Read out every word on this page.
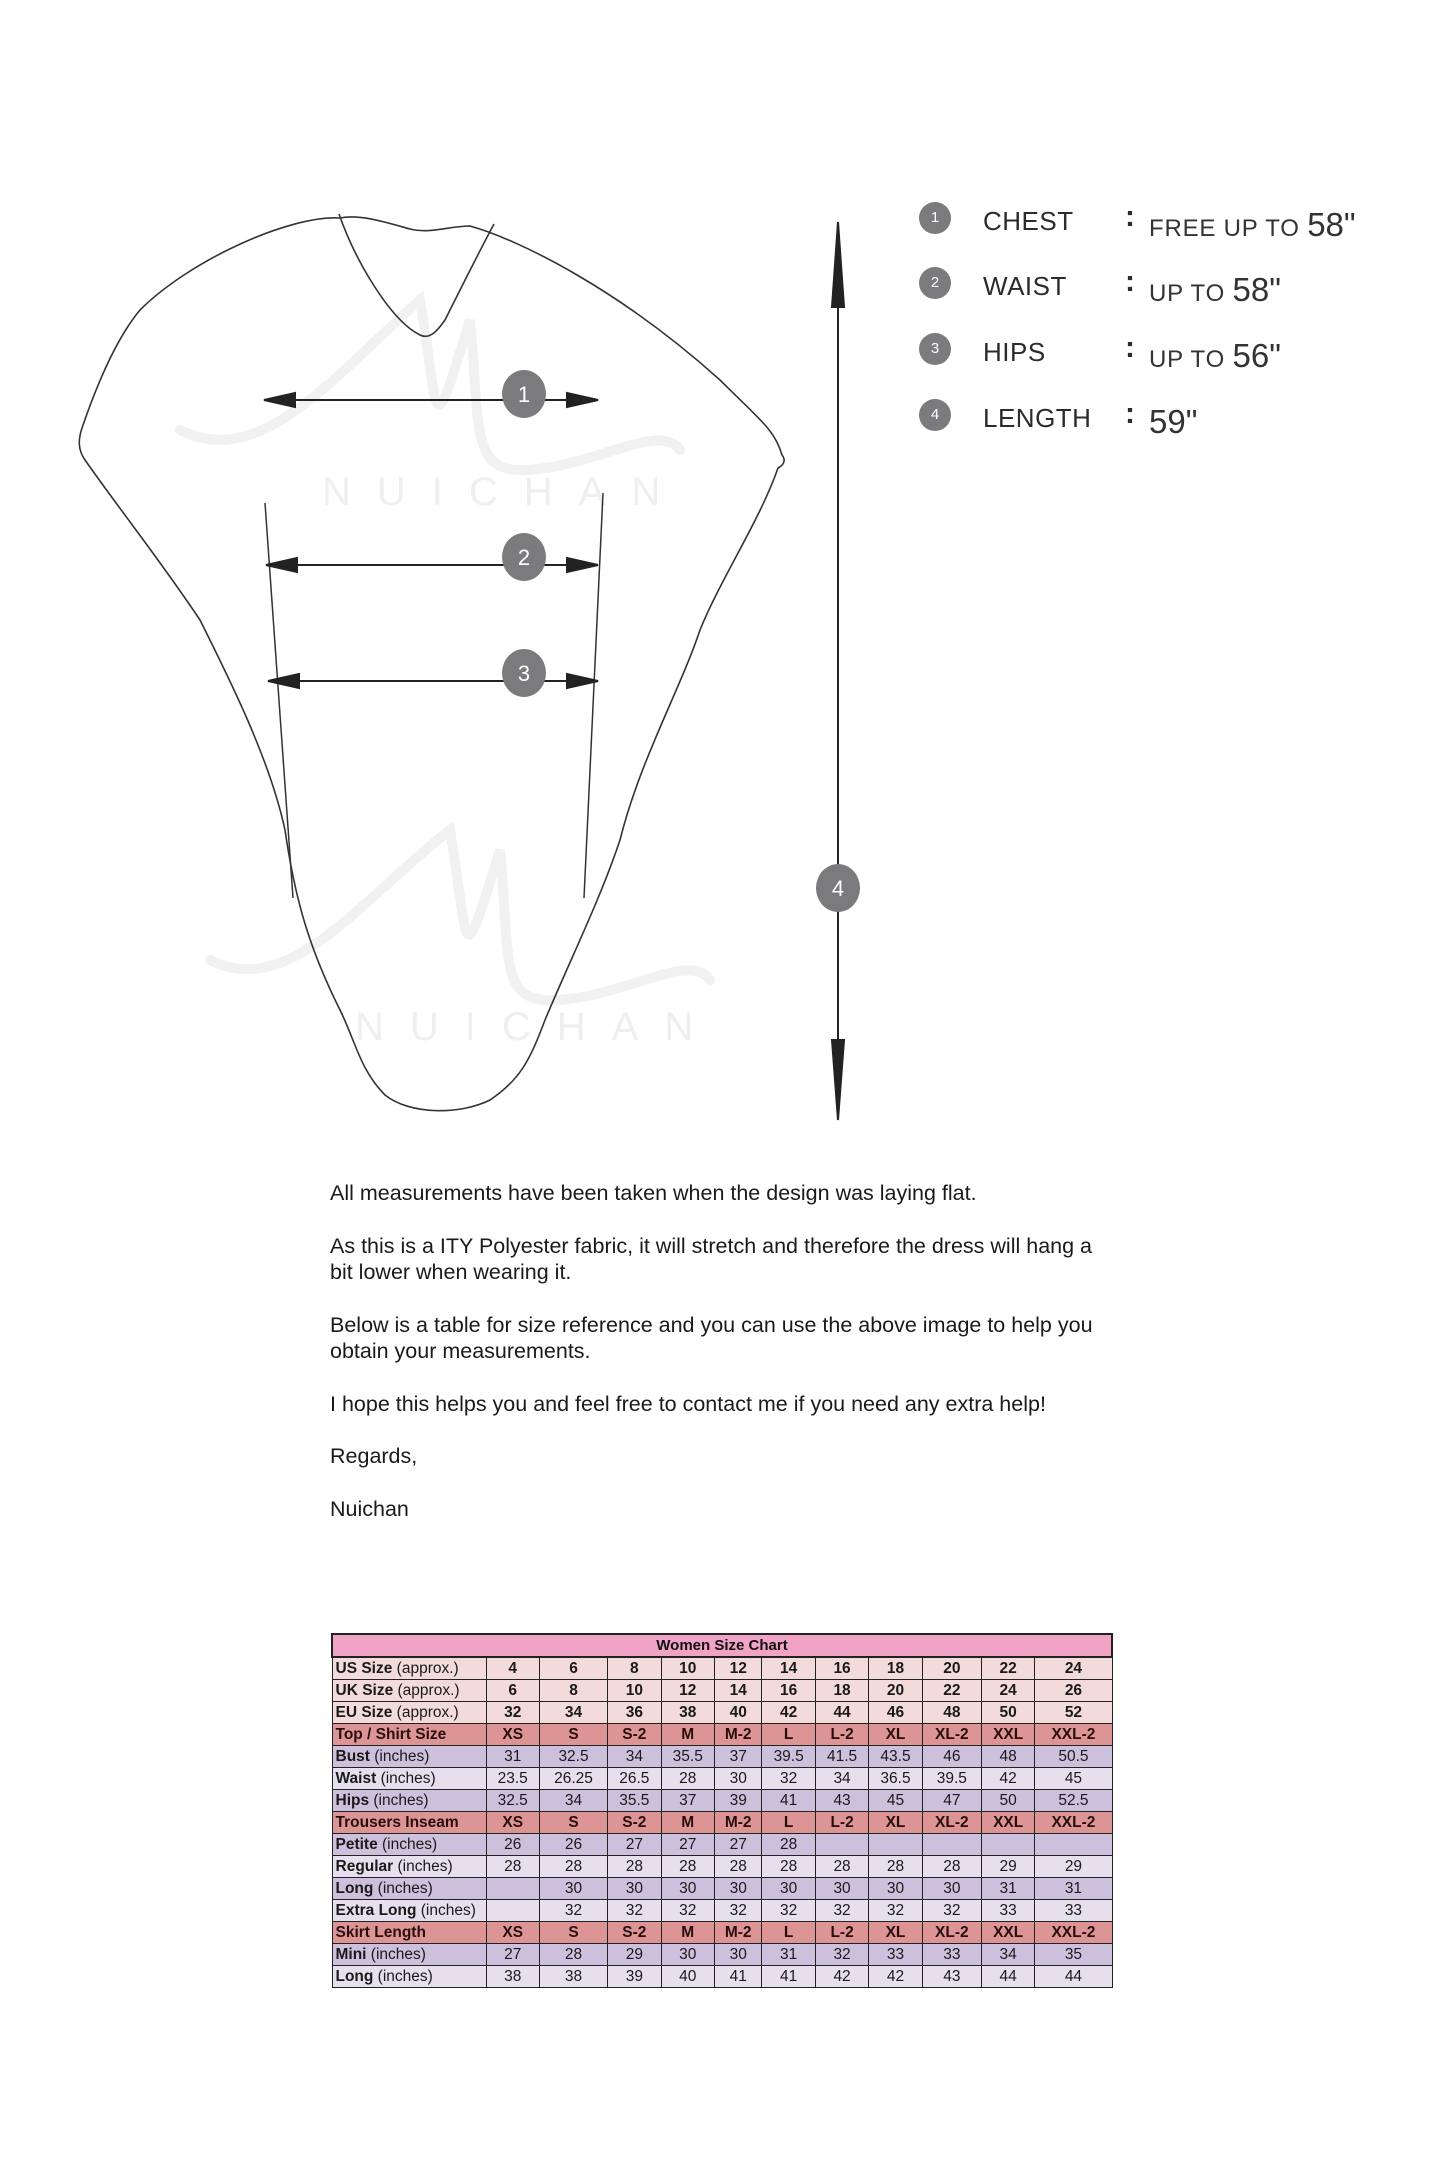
NUICHAN
NUICHAN
1
2
3
4
1	CHEST : FREE UP TO 58"
2	WAIST : UP TO 58"
3	HIPS	: UP TO 56"
4	LENGTH : 59"

All measurements have been taken when the design was laying flat.

As this is a ITY Polyester fabric, it will stretch and therefore the dress will hang a bit lower when wearing it.

Below is a table for size reference and you can use the above image to help you obtain your measurements.

I hope this helps you and feel free to contact me if you need any extra help!

Regards,

Nuichan

Women Size Chart											
US Size (approx.)	4	6	8	10	12	14	16	18	20	22	24
UK Size (approx.)	6	8	10	12	14	16	18	20	22	24	26
EU Size (approx.)	32	34	36	38	40	42	44	46	48	50	52
Top / Shirt Size	XS	S	S-2	M	M-2	L	L-2	XL	XL-2	XXL	XXL-2
Bust (inches)	31	32.5	34	35.5	37	39.5	41.5	43.5	46	48	50.5
Waist (inches)	23.5	26.25	26.5	28	30	32	34	36.5	39.5	42	45
Hips (inches)	32.5	34	35.5	37	39	41	43	45	47	50	52.5
Trousers Inseam	XS	S	S-2	M	M-2	L	L-2	XL	XL-2	XXL	XXL-2
Petite (inches)	26	26	27	27	27	28					
Regular (inches)	28	28	28	28	28	28	28	28	28	29	29
Long (inches)		30	30	30	30	30	30	30	30	31	31
Extra Long (inches)		32	32	32	32	32	32	32	32	33	33
Skirt Length	XS	S	S-2	M	M-2	L	L-2	XL	XL-2	XXL	XXL-2
Mini (inches)	27	28	29	30	30	31	32	33	33	34	35
Long (inches)	38	38	39	40	41	41	42	42	43	44	44
